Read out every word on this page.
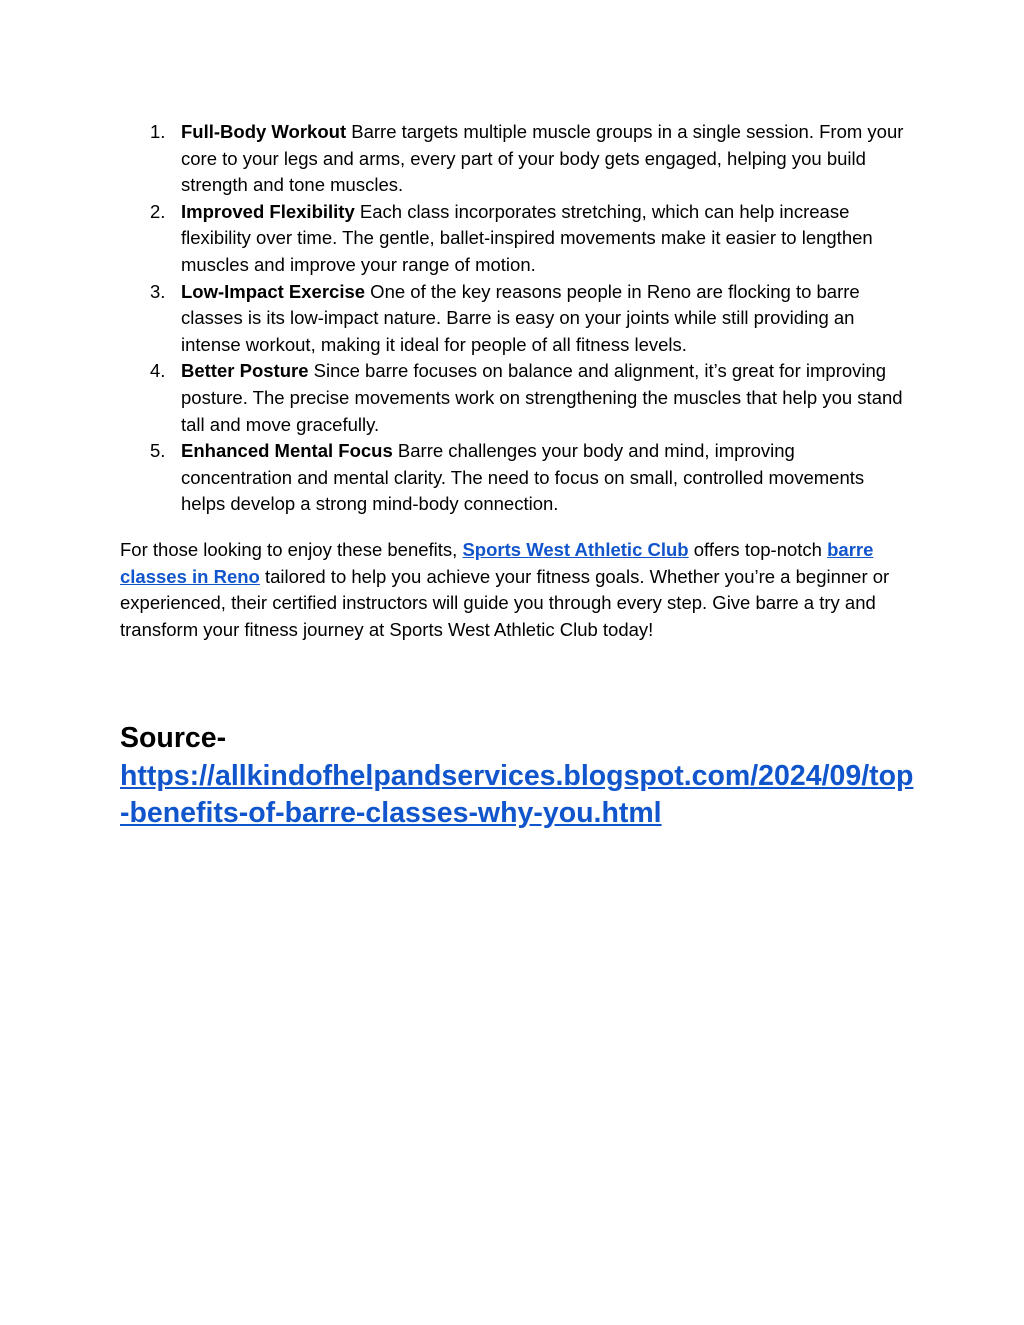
1. Full-Body Workout Barre targets multiple muscle groups in a single session. From your core to your legs and arms, every part of your body gets engaged, helping you build strength and tone muscles.
2. Improved Flexibility Each class incorporates stretching, which can help increase flexibility over time. The gentle, ballet-inspired movements make it easier to lengthen muscles and improve your range of motion.
3. Low-Impact Exercise One of the key reasons people in Reno are flocking to barre classes is its low-impact nature. Barre is easy on your joints while still providing an intense workout, making it ideal for people of all fitness levels.
4. Better Posture Since barre focuses on balance and alignment, it’s great for improving posture. The precise movements work on strengthening the muscles that help you stand tall and move gracefully.
5. Enhanced Mental Focus Barre challenges your body and mind, improving concentration and mental clarity. The need to focus on small, controlled movements helps develop a strong mind-body connection.

For those looking to enjoy these benefits, Sports West Athletic Club offers top-notch barre classes in Reno tailored to help you achieve your fitness goals. Whether you’re a beginner or experienced, their certified instructors will guide you through every step. Give barre a try and transform your fitness journey at Sports West Athletic Club today!

Source-
https://allkindofhelpandservices.blogspot.com/2024/09/top-benefits-of-barre-classes-why-you.html
